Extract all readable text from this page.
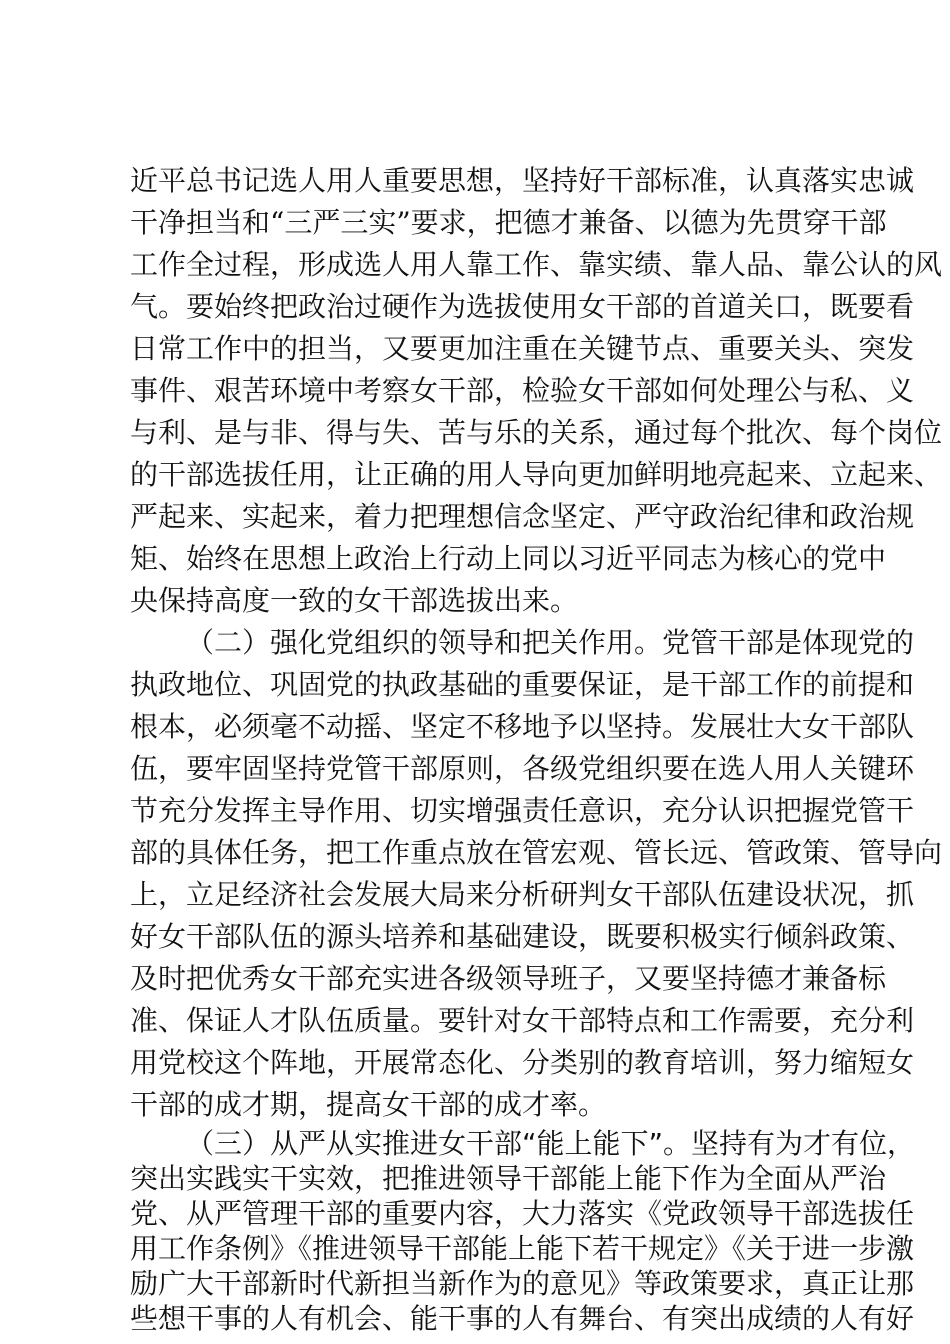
近平总书记选人用人重要思想，坚持好干部标准，认真落实忠诚
干净担当和“三严三实”要求，把德才兼备、以德为先贯穿干部
工作全过程，形成选人用人靠工作、靠实绩、靠人品、靠公认的风
气。要始终把政治过硬作为选拔使用女干部的首道关口，既要看
日常工作中的担当，又要更加注重在关键节点、重要关头、突发
事件、艰苦环境中考察女干部，检验女干部如何处理公与私、义
与利、是与非、得与失、苦与乐的关系，通过每个批次、每个岗位
的干部选拔任用，让正确的用人导向更加鲜明地亮起来、立起来、
严起来、实起来，着力把理想信念坚定、严守政治纪律和政治规
矩、始终在思想上政治上行动上同以习近平同志为核心的党中
央保持高度一致的女干部选拔出来。
（二）强化党组织的领导和把关作用。党管干部是体现党的
执政地位、巩固党的执政基础的重要保证，是干部工作的前提和
根本，必须毫不动摇、坚定不移地予以坚持。发展壮大女干部队
伍，要牢固坚持党管干部原则，各级党组织要在选人用人关键环
节充分发挥主导作用、切实增强责任意识，充分认识把握党管干
部的具体任务，把工作重点放在管宏观、管长远、管政策、管导向
上，立足经济社会发展大局来分析研判女干部队伍建设状况，抓
好女干部队伍的源头培养和基础建设，既要积极实行倾斜政策、
及时把优秀女干部充实进各级领导班子，又要坚持德才兼备标
准、保证人才队伍质量。要针对女干部特点和工作需要，充分利
用党校这个阵地，开展常态化、分类别的教育培训，努力缩短女
干部的成才期，提高女干部的成才率。
（三）从严从实推进女干部“能上能下”。坚持有为才有位，
突出实践实干实效，把推进领导干部能上能下作为全面从严治
党、从严管理干部的重要内容，大力落实《党政领导干部选拔任
用工作条例》《推进领导干部能上能下若干规定》《关于进一步激
励广大干部新时代新担当新作为的意见》等政策要求，真正让那
些想干事的人有机会、能干事的人有舞台、有突出成绩的人有好
